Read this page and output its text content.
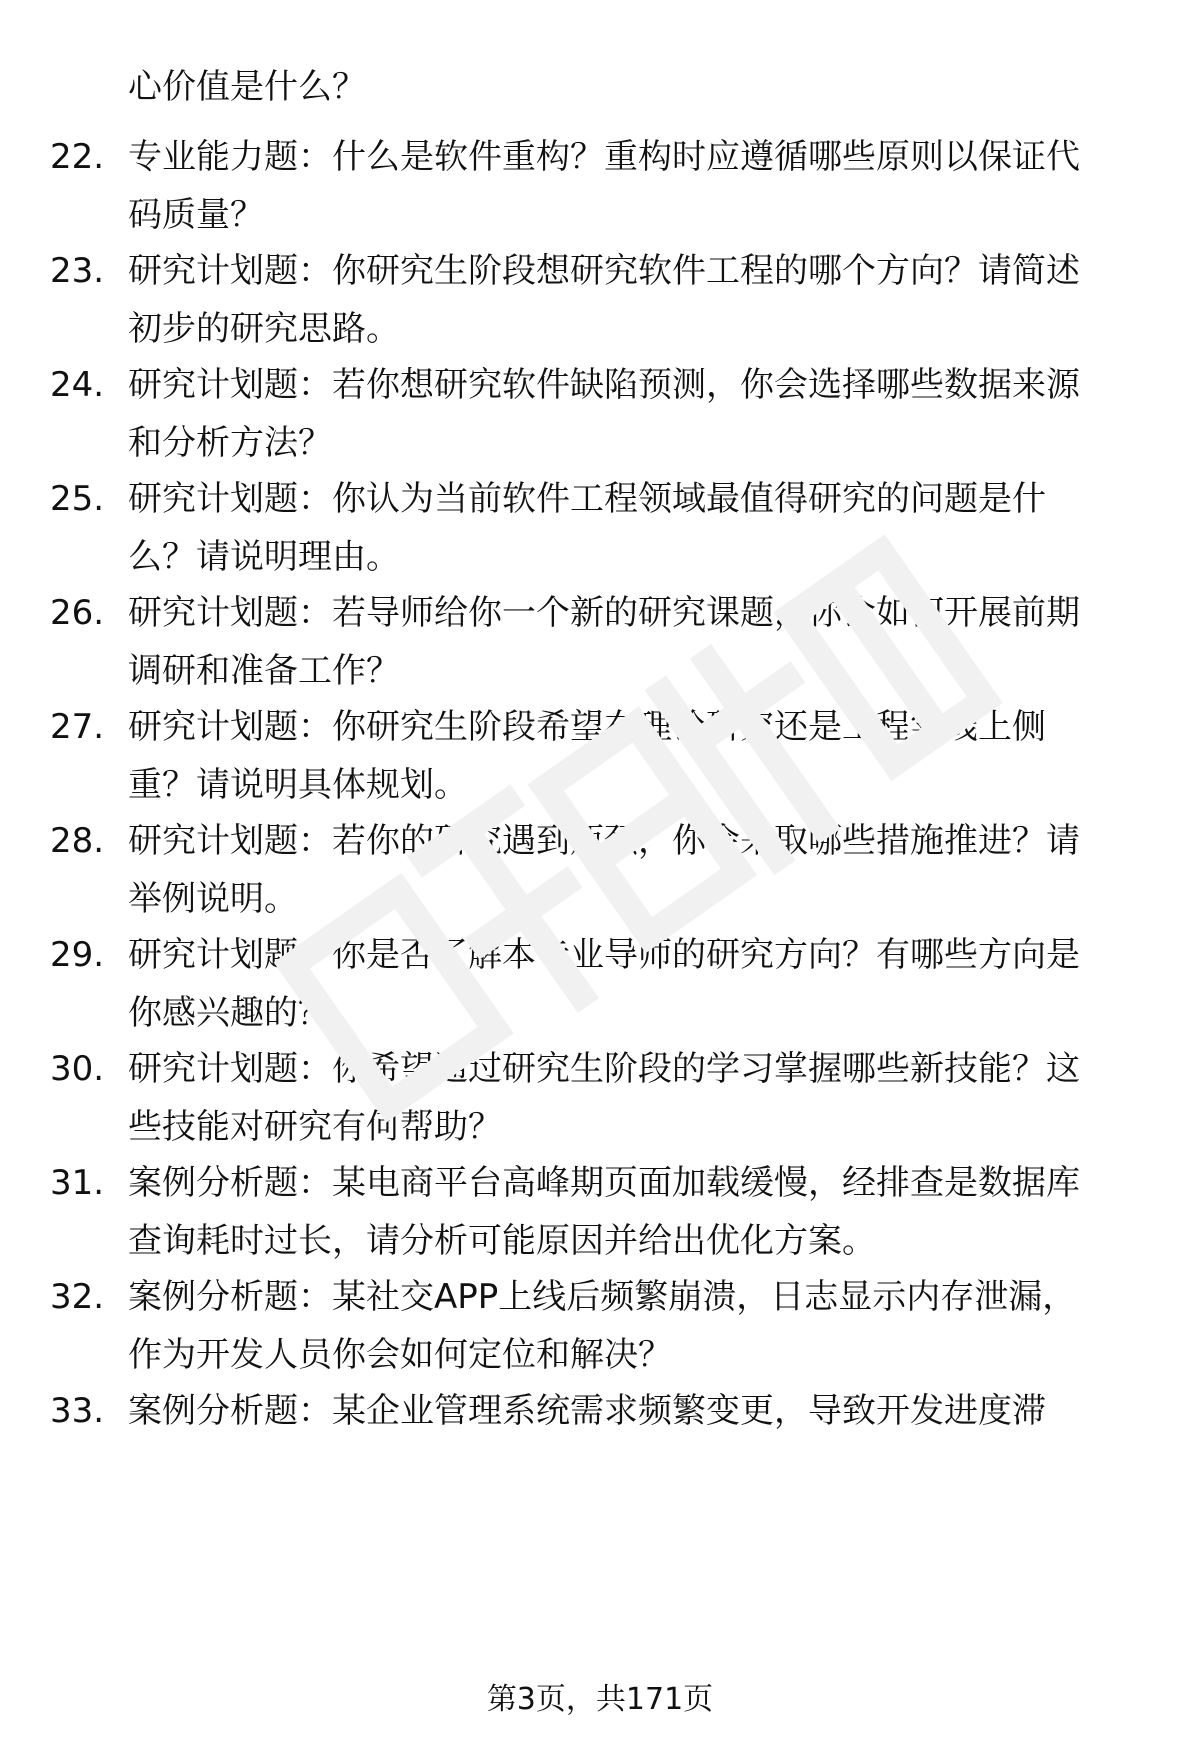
心价值是什么？
22. 专业能力题：什么是软件重构？重构时应遵循哪些原则以保证代
码质量？
23. 研究计划题：你研究生阶段想研究软件工程的哪个方向？请简述
初步的研究思路。
24. 研究计划题：若你想研究软件缺陷预测，你会选择哪些数据来源
和分析方法？
25. 研究计划题：你认为当前软件工程领域最值得研究的问题是什
么？请说明理由。
26. 研究计划题：若导师给你一个新的研究课题，你会如何开展前期
调研和准备工作？
27. 研究计划题：你研究生阶段希望在理论研究还是工程实践上侧
重？请说明具体规划。
28. 研究计划题：若你的研究遇到瓶颈，你会采取哪些措施推进？请
举例说明。
29. 研究计划题：你是否了解本专业导师的研究方向？有哪些方向是
你感兴趣的？
30. 研究计划题：你希望通过研究生阶段的学习掌握哪些新技能？这
些技能对研究有何帮助？
31. 案例分析题：某电商平台高峰期页面加载缓慢，经排查是数据库
查询耗时过长，请分析可能原因并给出优化方案。
32. 案例分析题：某社交APP上线后频繁崩溃，日志显示内存泄漏，
作为开发人员你会如何定位和解决？
33. 案例分析题：某企业管理系统需求频繁变更，导致开发进度滞
第3页，共171页
